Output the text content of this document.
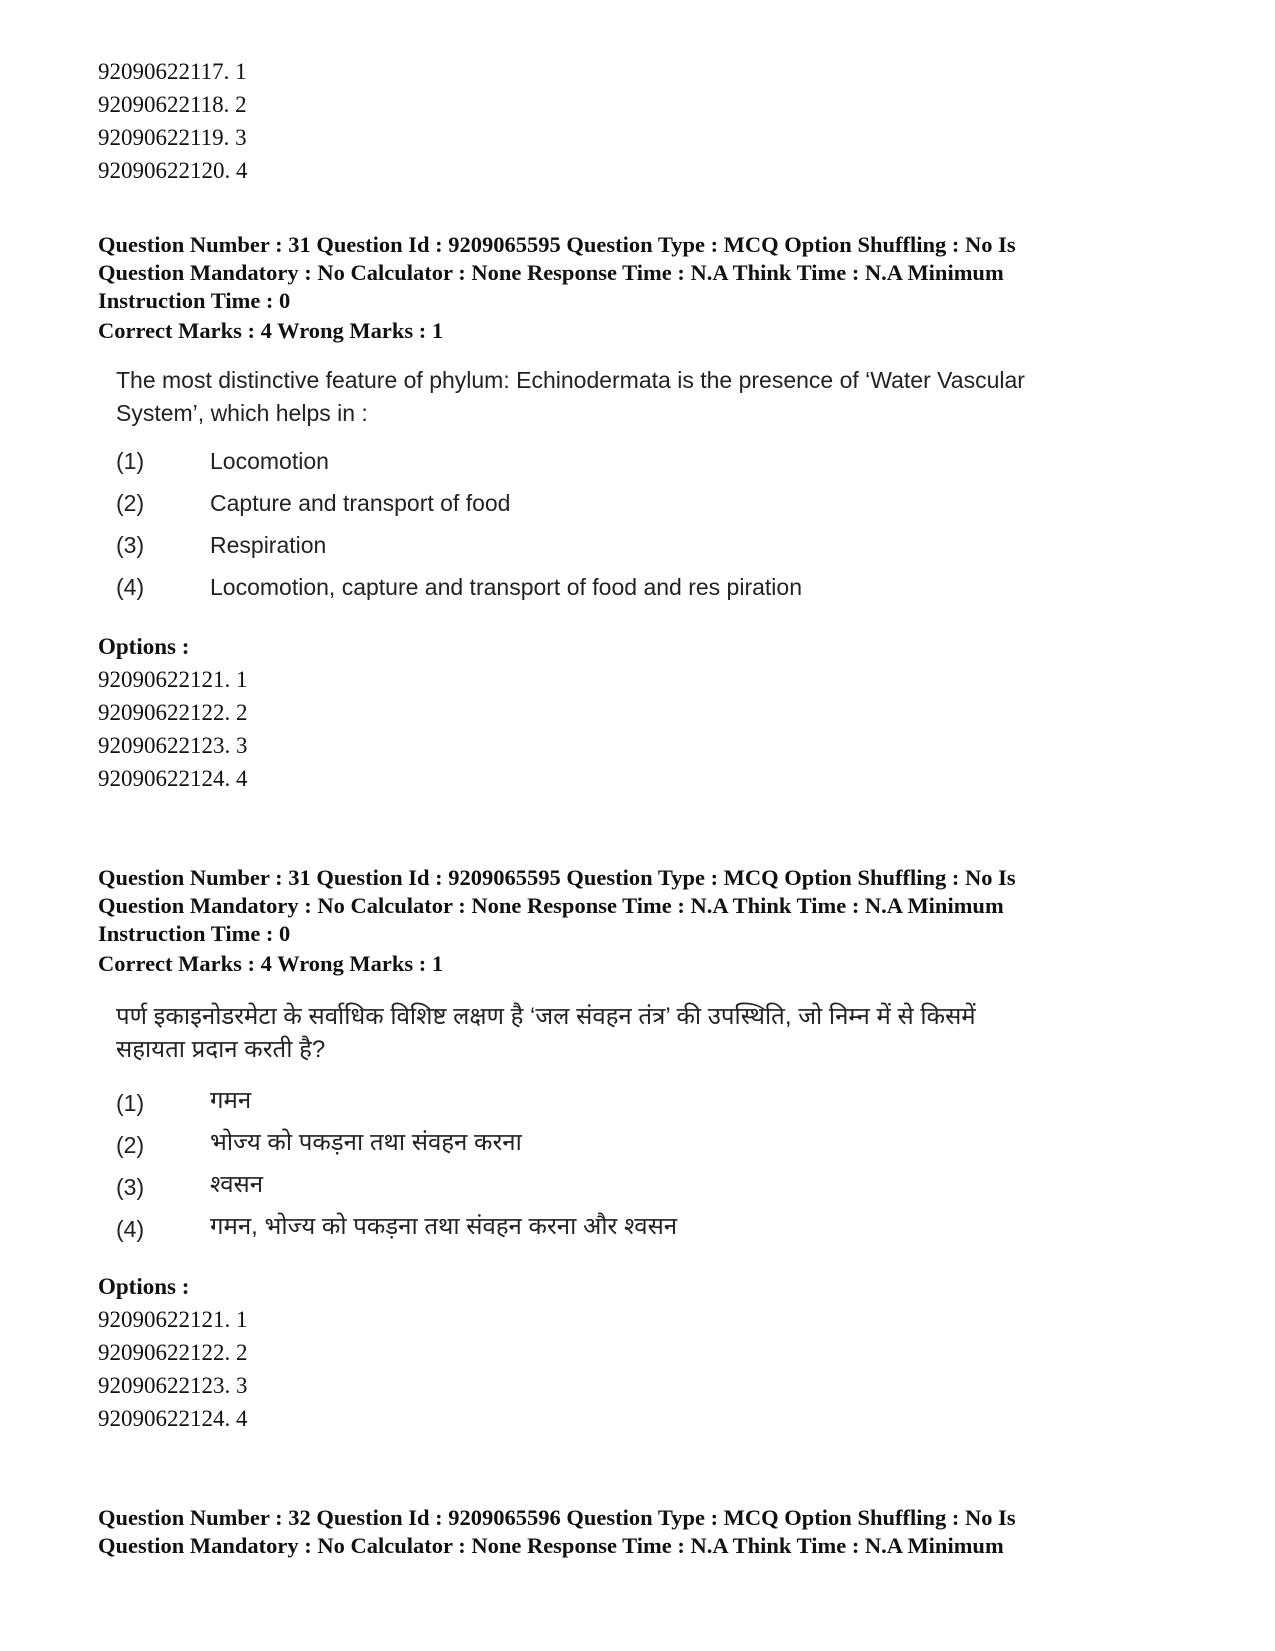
92090622117. 1
92090622118. 2
92090622119. 3
92090622120. 4
Question Number : 31 Question Id : 9209065595 Question Type : MCQ Option Shuffling : No Is
Question Mandatory : No Calculator : None Response Time : N.A Think Time : N.A Minimum
Instruction Time : 0
Correct Marks : 4 Wrong Marks : 1
The most distinctive feature of phylum: Echinodermata is the presence of ‘Water Vascular
System’, which helps in :
(1)	Locomotion
(2)	Capture and transport of food
(3)	Respiration
(4)	Locomotion, capture and transport of food and res piration
Options :
92090622121. 1
92090622122. 2
92090622123. 3
92090622124. 4
Question Number : 31 Question Id : 9209065595 Question Type : MCQ Option Shuffling : No Is
Question Mandatory : No Calculator : None Response Time : N.A Think Time : N.A Minimum
Instruction Time : 0
Correct Marks : 4 Wrong Marks : 1
पर्ण इकाइनोडरमेटा के सर्वाधिक विशिष्ट लक्षण है ‘जल संवहन तंत्र’ की उपस्थिति, जो निम्न में से किसमें
सहायता प्रदान करती है?
(1)	गमन
(2)	भोज्य को पकड़ना तथा संवहन करना
(3)	श्वसन
(4)	गमन, भोज्य को पकड़ना तथा संवहन करना और श्वसन
Options :
92090622121. 1
92090622122. 2
92090622123. 3
92090622124. 4
Question Number : 32 Question Id : 9209065596 Question Type : MCQ Option Shuffling : No Is
Question Mandatory : No Calculator : None Response Time : N.A Think Time : N.A Minimum
